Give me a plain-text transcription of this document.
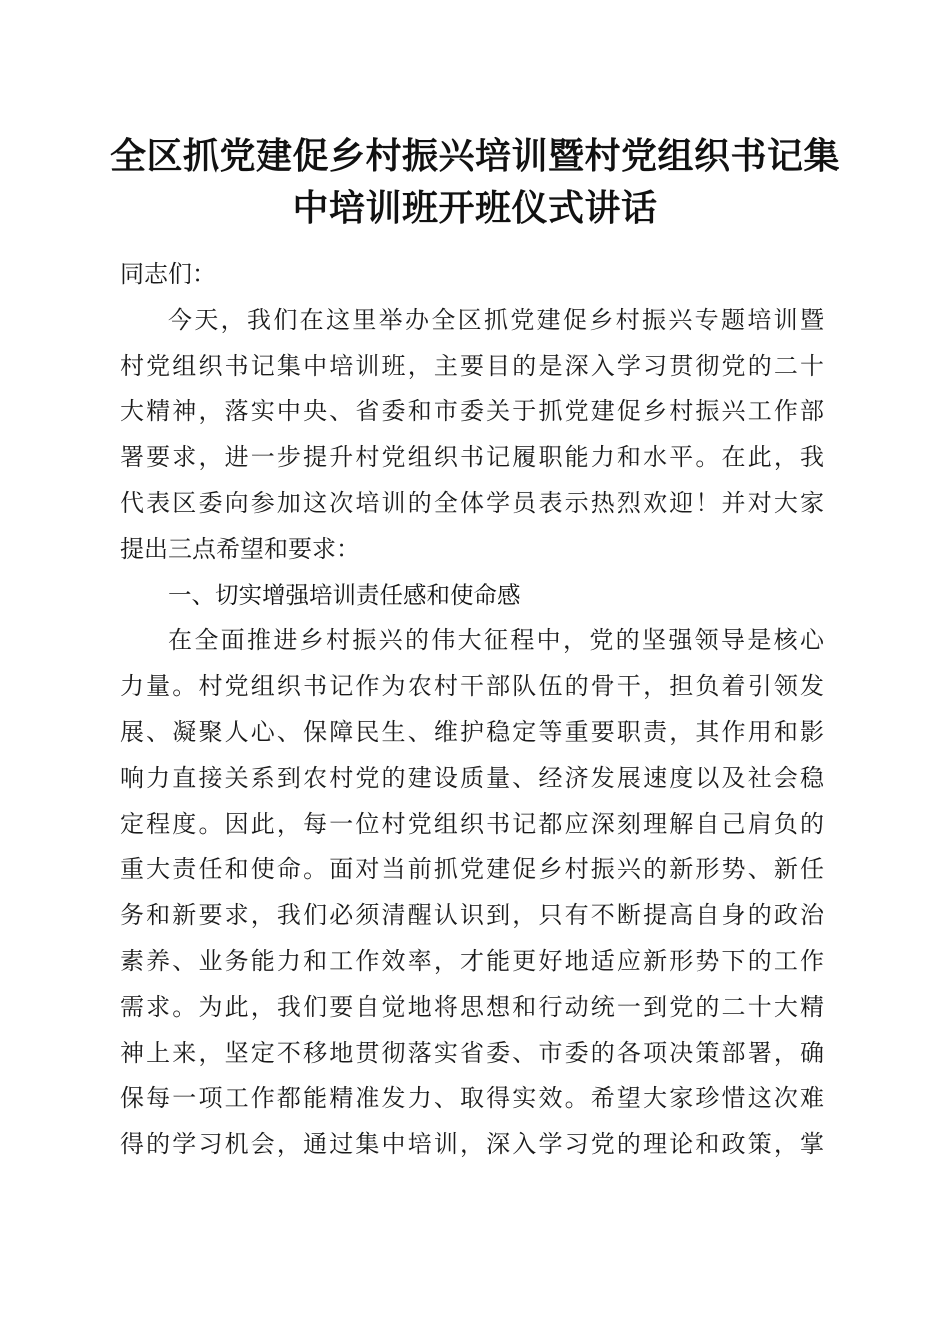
全区抓党建促乡村振兴培训暨村党组织书记集
中培训班开班仪式讲话
同志们：
今天，我们在这里举办全区抓党建促乡村振兴专题培训暨
村党组织书记集中培训班，主要目的是深入学习贯彻党的二十
大精神，落实中央、省委和市委关于抓党建促乡村振兴工作部
署要求，进一步提升村党组织书记履职能力和水平。在此，我
代表区委向参加这次培训的全体学员表示热烈欢迎！并对大家
提出三点希望和要求：
一、切实增强培训责任感和使命感
在全面推进乡村振兴的伟大征程中，党的坚强领导是核心
力量。村党组织书记作为农村干部队伍的骨干，担负着引领发
展、凝聚人心、保障民生、维护稳定等重要职责，其作用和影
响力直接关系到农村党的建设质量、经济发展速度以及社会稳
定程度。因此，每一位村党组织书记都应深刻理解自己肩负的
重大责任和使命。面对当前抓党建促乡村振兴的新形势、新任
务和新要求，我们必须清醒认识到，只有不断提高自身的政治
素养、业务能力和工作效率，才能更好地适应新形势下的工作
需求。为此，我们要自觉地将思想和行动统一到党的二十大精
神上来，坚定不移地贯彻落实省委、市委的各项决策部署，确
保每一项工作都能精准发力、取得实效。希望大家珍惜这次难
得的学习机会，通过集中培训，深入学习党的理论和政策，掌
